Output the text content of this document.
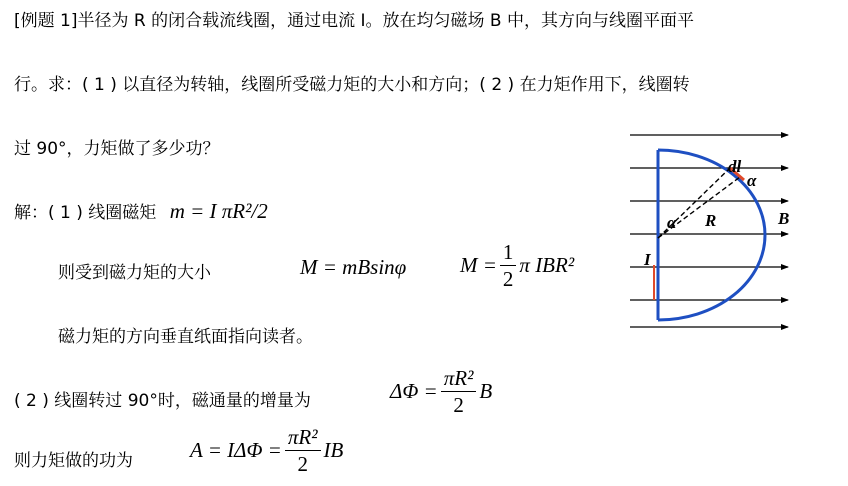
[例题 1]半径为 R 的闭合载流线圈，通过电流 I。放在均匀磁场 B 中，其方向与线圈平面平
行。求：( 1 ) 以直径为转轴，线圈所受磁力矩的大小和方向；( 2 ) 在力矩作用下，线圈转
过 90°，力矩做了多少功？
解：( 1 ) 线圈磁矩 m = I πR²/2
则受到磁力矩的大小	M = mBsinφ	$M = \frac{1}{2}$ π IBR²
磁力矩的方向垂直纸面指向读者。
( 2 ) 线圈转过 90°时，磁通量的增量为	$\Delta\Phi = \frac{\text{πR²}}{2}$ B
则力矩做的功为	$A = I\Delta\Phi = \frac{\text{πR²}}{2}$ IB
dl
α
α R	B
I
